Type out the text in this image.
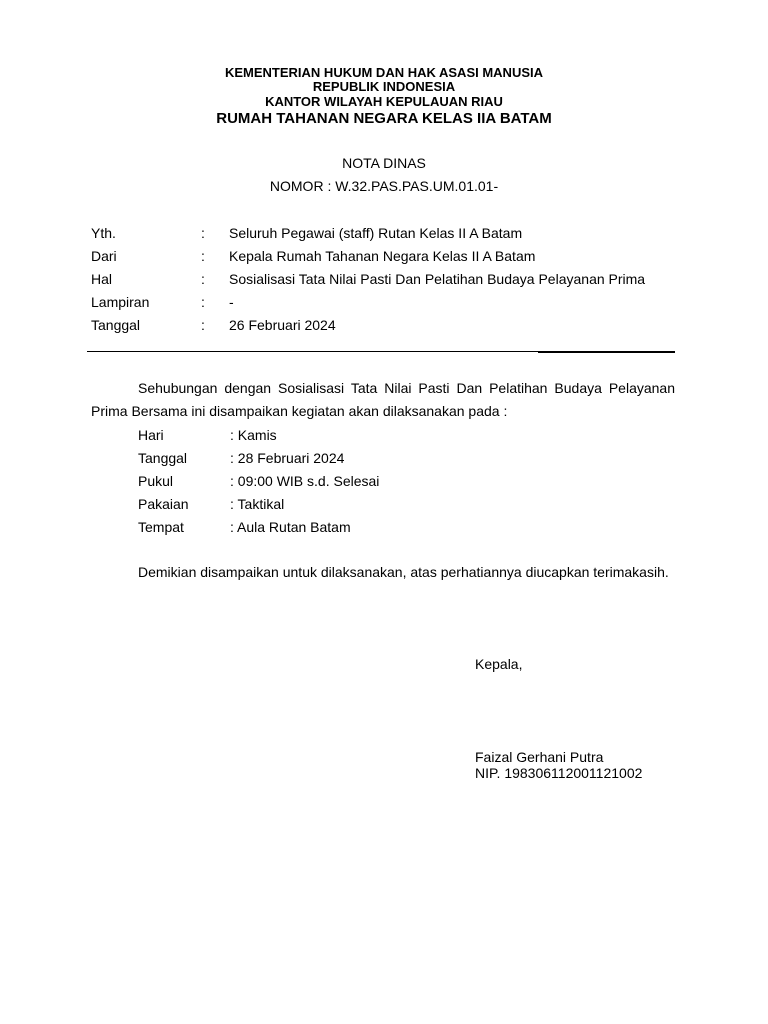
KEMENTERIAN HUKUM DAN HAK ASASI MANUSIA
REPUBLIK INDONESIA
KANTOR WILAYAH KEPULAUAN RIAU
RUMAH TAHANAN NEGARA KELAS IIA BATAM
NOTA DINAS
NOMOR : W.32.PAS.PAS.UM.01.01-
Yth.	:	Seluruh Pegawai (staff) Rutan Kelas II A Batam
Dari	:	Kepala Rumah Tahanan Negara Kelas II A Batam
Hal	:	Sosialisasi Tata Nilai Pasti Dan Pelatihan Budaya Pelayanan Prima
Lampiran	:	-
Tanggal	:	26 Februari 2024
Sehubungan dengan Sosialisasi Tata Nilai Pasti Dan Pelatihan Budaya Pelayanan
Prima Bersama ini disampaikan kegiatan akan dilaksanakan pada :
Hari	: Kamis
Tanggal	: 28 Februari 2024
Pukul	: 09:00 WIB s.d. Selesai
Pakaian	: Taktikal
Tempat	: Aula Rutan Batam
Demikian disampaikan untuk dilaksanakan, atas perhatiannya diucapkan terimakasih.
Kepala,
Faizal Gerhani Putra
NIP. 198306112001121002
